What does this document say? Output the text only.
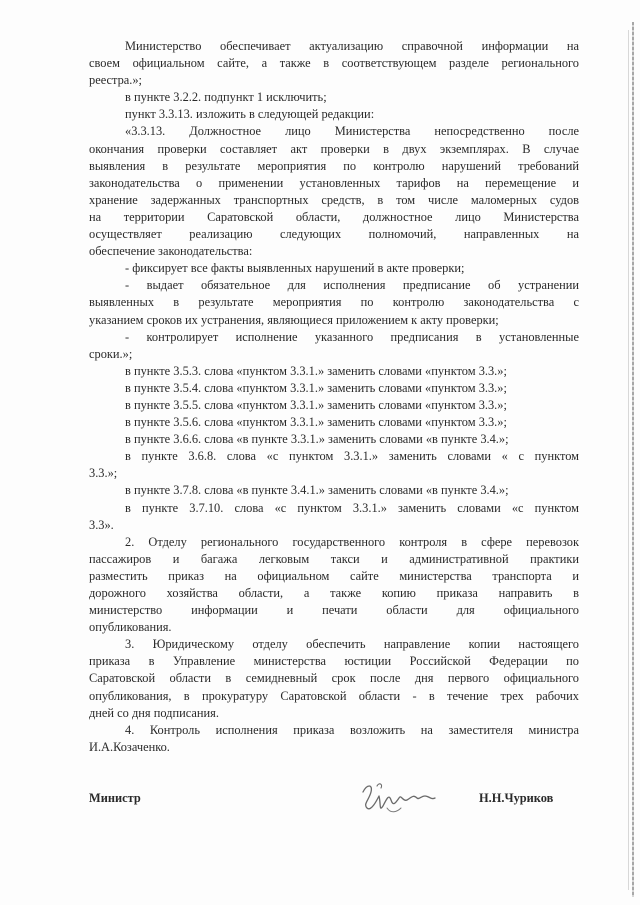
Министерство обеспечивает актуализацию справочной информации на
своем официальном сайте, а также в соответствующем разделе регионального
реестра.»;
в пункте 3.2.2. подпункт 1 исключить;
пункт 3.3.13. изложить в следующей редакции:
«3.3.13. Должностное лицо Министерства непосредственно после
окончания проверки составляет акт проверки в двух экземплярах. В случае
выявления в результате мероприятия по контролю нарушений требований
законодательства о применении установленных тарифов на перемещение и
хранение задержанных транспортных средств, в том числе маломерных судов
на территории Саратовской области, должностное лицо Министерства
осуществляет реализацию следующих полномочий, направленных на
обеспечение законодательства:
- фиксирует все факты выявленных нарушений в акте проверки;
- выдает обязательное для исполнения предписание об устранении
выявленных в результате мероприятия по контролю законодательства с
указанием сроков их устранения, являющиеся приложением к акту проверки;
- контролирует исполнение указанного предписания в установленные
сроки.»;
в пункте 3.5.3. слова «пунктом 3.3.1.» заменить словами «пунктом 3.3.»;
в пункте 3.5.4. слова «пунктом 3.3.1.» заменить словами «пунктом 3.3.»;
в пункте 3.5.5. слова «пунктом 3.3.1.» заменить словами «пунктом 3.3.»;
в пункте 3.5.6. слова «пунктом 3.3.1.» заменить словами «пунктом 3.3.»;
в пункте 3.6.6. слова «в пункте 3.3.1.» заменить словами «в пункте 3.4.»;
в пункте 3.6.8. слова «с пунктом 3.3.1.» заменить словами « с пунктом
3.3.»;
в пункте 3.7.8. слова «в пункте 3.4.1.» заменить словами «в пункте 3.4.»;
в пункте 3.7.10. слова «с пунктом 3.3.1.» заменить словами «с пунктом
3.3».
2. Отделу регионального государственного контроля в сфере перевозок
пассажиров и багажа легковым такси и административной практики
разместить приказ на официальном сайте министерства транспорта и
дорожного хозяйства области, а также копию приказа направить в
министерство информации и печати области для официального
опубликования.
3. Юридическому отделу обеспечить направление копии настоящего
приказа в Управление министерства юстиции Российской Федерации по
Саратовской области в семидневный срок после дня первого официального
опубликования, в прокуратуру Саратовской области - в течение трех рабочих
дней со дня подписания.
4. Контроль исполнения приказа возложить на заместителя министра
И.А.Козаченко.
Министр	Н.Н.Чуриков
